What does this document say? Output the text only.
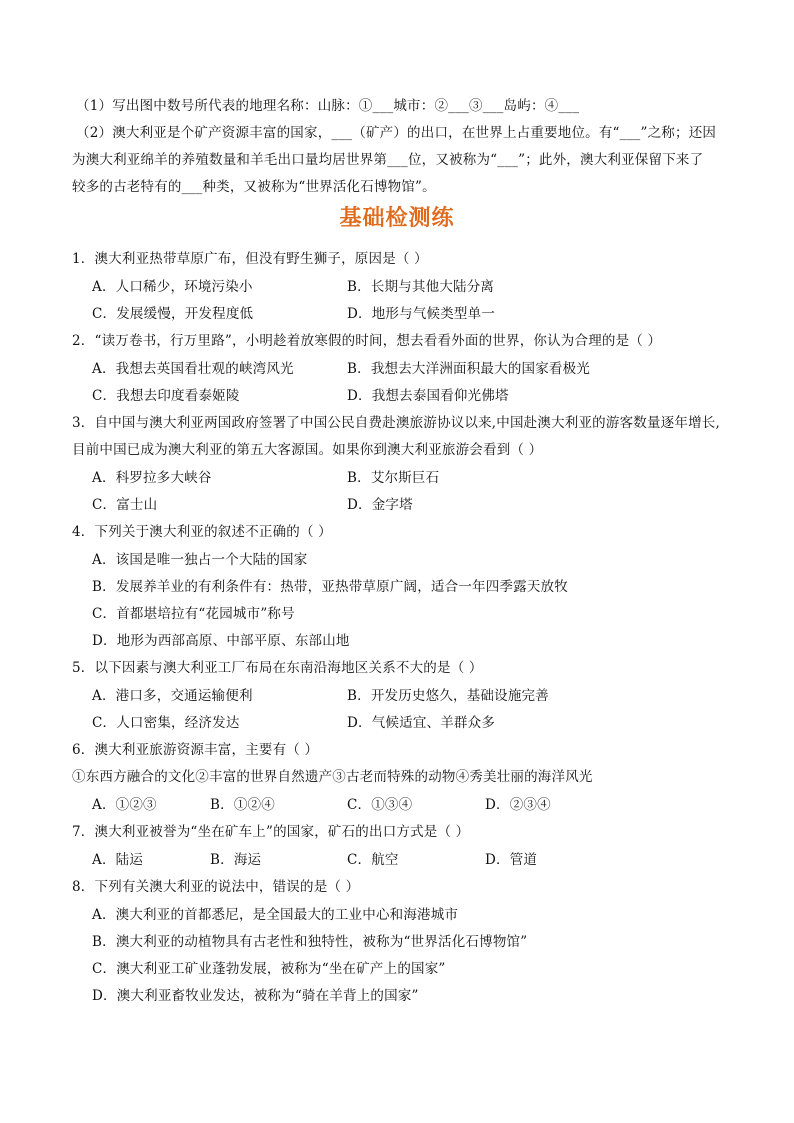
（1）写出图中数号所代表的地理名称：山脉：①___城市：②___③___岛屿：④___
（2）澳大利亚是个矿产资源丰富的国家，___（矿产）的出口，在世界上占重要地位。有“___”之称；还因
为澳大利亚绵羊的养殖数量和羊毛出口量均居世界第___位，又被称为“___”；此外，澳大利亚保留下来了
较多的古老特有的___种类，又被称为“世界活化石博物馆”。
基础检测练
1．澳大利亚热带草原广布，但没有野生狮子，原因是（ ）
A．人口稀少，环境污染小	B．长期与其他大陆分离
C．发展缓慢，开发程度低	D．地形与气候类型单一
2．“读万卷书，行万里路”，小明趁着放寒假的时间，想去看看外面的世界，你认为合理的是（ ）
A．我想去英国看壮观的峡湾风光	B．我想去大洋洲面积最大的国家看极光
C．我想去印度看泰姬陵	D．我想去泰国看仰光佛塔
3．自中国与澳大利亚两国政府签署了中国公民自费赴澳旅游协议以来,中国赴澳大利亚的游客数量逐年增长,
目前中国已成为澳大利亚的第五大客源国。如果你到澳大利亚旅游会看到（ ）
A．科罗拉多大峡谷	B．艾尔斯巨石
C．富士山	D．金字塔
4．下列关于澳大利亚的叙述不正确的（ ）
A．该国是唯一独占一个大陆的国家
B．发展养羊业的有利条件有：热带，亚热带草原广阔，适合一年四季露天放牧
C．首都堪培拉有“花园城市”称号
D．地形为西部高原、中部平原、东部山地
5．以下因素与澳大利亚工厂布局在东南沿海地区关系不大的是（ ）
A．港口多，交通运输便利	B．开发历史悠久，基础设施完善
C．人口密集，经济发达	D．气候适宜、羊群众多
6．澳大利亚旅游资源丰富，主要有（ ）
①东西方融合的文化②丰富的世界自然遗产③古老而特殊的动物④秀美壮丽的海洋风光
A．①②③	B．①②④	C．①③④	D．②③④
7．澳大利亚被誉为“坐在矿车上”的国家，矿石的出口方式是（ ）
A．陆运	B．海运	C．航空	D．管道
8．下列有关澳大利亚的说法中，错误的是（ ）
A．澳大利亚的首都悉尼，是全国最大的工业中心和海港城市
B．澳大利亚的动植物具有古老性和独特性，被称为“世界活化石博物馆”
C．澳大利亚工矿业蓬勃发展，被称为“坐在矿产上的国家”
D．澳大利亚畜牧业发达，被称为“骑在羊背上的国家”
